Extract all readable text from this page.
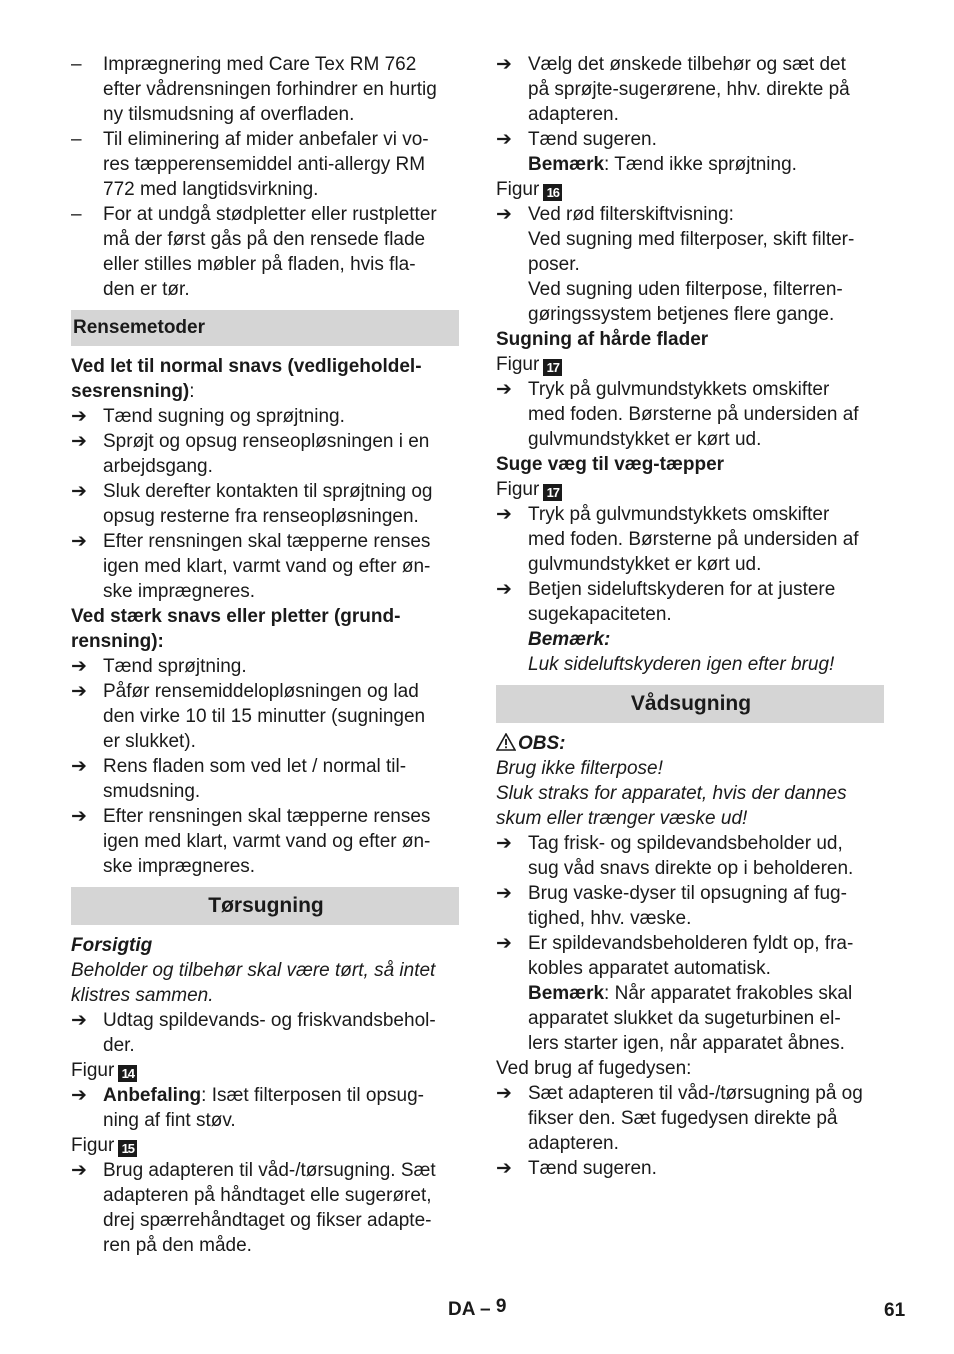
– Imprægnering med Care Tex RM 762
efter vådrensningen forhindrer en hurtig
ny tilsmudsning af overfladen.
– Til eliminering af mider anbefaler vi vo-
res tæpperensemiddel anti-allergy RM
772 med langtidsvirkning.
– For at undgå stødpletter eller rustpletter
må der først gås på den rensede flade
eller stilles møbler på fladen, hvis fla-
den er tør.
Rensemetoder
Ved let til normal snavs (vedligeholdel-
sesrensning):
➔ Tænd sugning og sprøjtning.
➔ Sprøjt og opsug renseopløsningen i en
arbejdsgang.
➔ Sluk derefter kontakten til sprøjtning og
opsug resterne fra renseopløsningen.
➔ Efter rensningen skal tæpperne renses
igen med klart, varmt vand og efter øn-
ske imprægneres.
Ved stærk snavs eller pletter (grund-
rensning):
➔ Tænd sprøjtning.
➔ Påfør rensemiddelopløsningen og lad
den virke 10 til 15 minutter (sugningen
er slukket).
➔ Rens fladen som ved let / normal til-
smudsning.
➔ Efter rensningen skal tæpperne renses
igen med klart, varmt vand og efter øn-
ske imprægneres.
Tørsugning
Forsigtig
Beholder og tilbehør skal være tørt, så intet
klistres sammen.
➔ Udtag spildevands- og friskvandsbehol-
der.
Figur 14
➔ Anbefaling: Isæt filterposen til opsug-
ning af fint støv.
Figur 15
➔ Brug adapteren til våd-/tørsugning. Sæt
adapteren på håndtaget elle sugerøret,
drej spærrehåndtaget og fikser adapte-
ren på den måde.
➔ Vælg det ønskede tilbehør og sæt det
på sprøjte-sugerørene, hhv. direkte på
adapteren.
➔ Tænd sugeren.
Bemærk: Tænd ikke sprøjtning.
Figur 16
➔ Ved rød filterskiftvisning:
Ved sugning med filterposer, skift filter-
poser.
Ved sugning uden filterpose, filterren-
gøringssystem betjenes flere gange.
Sugning af hårde flader
Figur 17
➔ Tryk på gulvmundstykkets omskifter
med foden. Børsterne på undersiden af
gulvmundstykket er kørt ud.
Suge væg til væg-tæpper
Figur 17
➔ Tryk på gulvmundstykkets omskifter
med foden. Børsterne på undersiden af
gulvmundstykket er kørt ud.
➔ Betjen sideluftskyderen for at justere
sugekapaciteten.
Bemærk:
Luk sideluftskyderen igen efter brug!
Vådsugning
OBS:
Brug ikke filterpose!
Sluk straks for apparatet, hvis der dannes
skum eller trænger væske ud!
➔ Tag frisk- og spildevandsbeholder ud,
sug våd snavs direkte op i beholderen.
➔ Brug vaske-dyser til opsugning af fug-
tighed, hhv. væske.
➔ Er spildevandsbeholderen fyldt op, fra-
kobles apparatet automatisk.
Bemærk: Når apparatet frakobles skal
apparatet slukket da sugeturbinen el-
lers starter igen, når apparatet åbnes.
Ved brug af fugedysen:
➔ Sæt adapteren til våd-/tørsugning på og
fikser den. Sæt fugedysen direkte på
adapteren.
➔ Tænd sugeren.
DA – 9	61
